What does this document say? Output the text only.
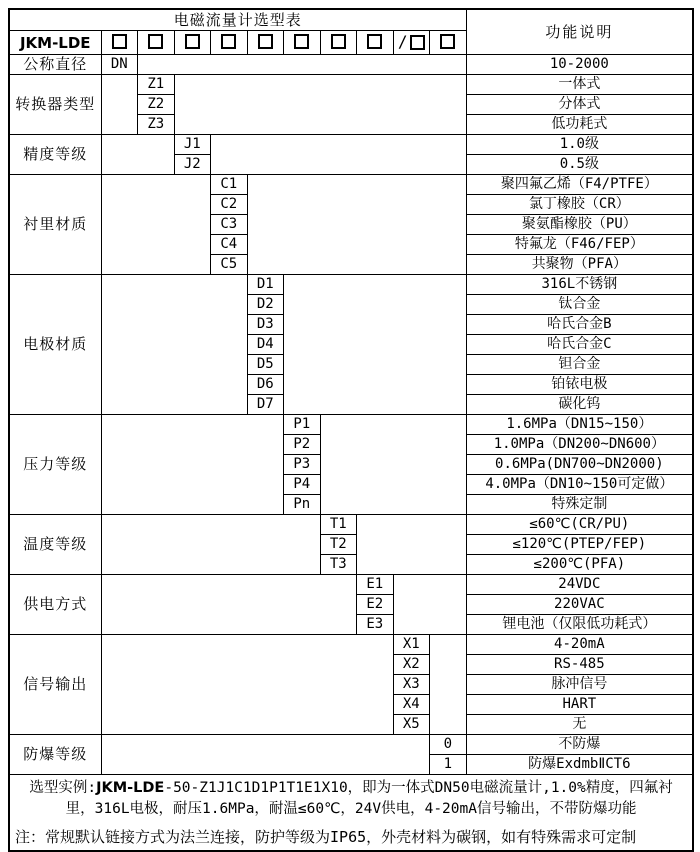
电磁流量计选型表											功能说明
JKM-LDE									/		
公称直径	DN										10-2000
转换器类型		Z1									一体式
		Z2									分体式
		Z3									低功耗式
精度等级			J1								1.0级
			J2								0.5级
衬里材质				C1							聚四氟乙烯（F4/PTFE）
				C2							氯丁橡胶（CR）
				C3							聚氨酯橡胶（PU）
				C4							特氟龙（F46/FEP）
				C5							共聚物（PFA）
电极材质					D1						316L不锈钢
					D2						钛合金
					D3						哈氏合金B
					D4						哈氏合金C
					D5						钽合金
					D6						铂铱电极
					D7						碳化钨
压力等级						P1					1.6MPa（DN15~150）
						P2					1.0MPa（DN200~DN600）
						P3					0.6MPa(DN700~DN2000)
						P4					4.0MPa（DN10~150可定做）
						Pn					特殊定制
温度等级							T1				≤60℃(CR/PU)
							T2				≤120℃(PTEP/FEP)
							T3				≤200℃(PFA)
供电方式								E1			24VDC
								E2			220VAC
								E3			锂电池（仅限低功耗式）
信号输出									X1		4-20mA
									X2		RS-485
									X3		脉冲信号
									X4		HART
									X5		无
防爆等级										0	不防爆
										1	防爆ExdmbⅡCT6

选型实例:JKM-LDE-50-Z1J1C1D1P1T1E1X10，即为一体式DN50电磁流量计,1.0%精度，四氟衬里，316L电极，耐压1.6MPa，耐温≤60℃，24V供电，4-20mA信号输出，不带防爆功能

注：常规默认链接方式为法兰连接，防护等级为IP65，外壳材料为碳钢，如有特殊需求可定制											
